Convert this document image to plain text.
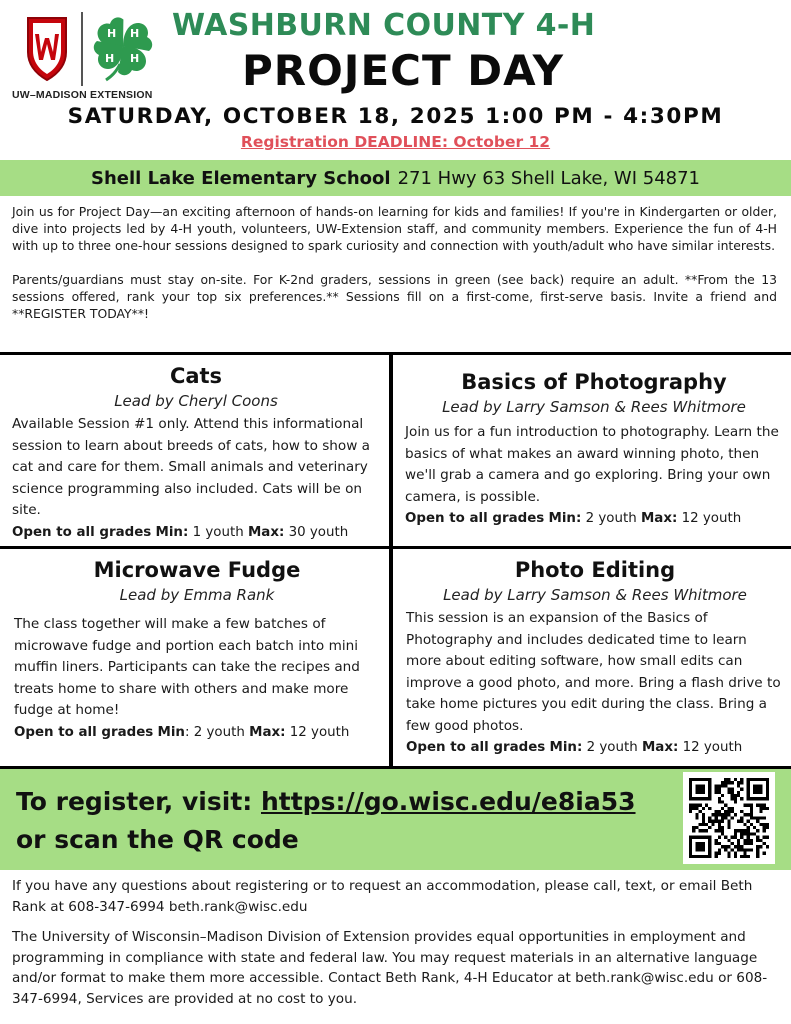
H H
H
H
UW–MADISON EXTENSION
WASHBURN COUNTY 4-H
PROJECT DAY
SATURDAY, OCTOBER 18, 2025 1:00 PM - 4:30PM
Registration DEADLINE: October 12
Shell Lake Elementary School 271 Hwy 63 Shell Lake, WI 54871

Join us for Project Day—an exciting afternoon of hands-on learning for kids and families! If you're in Kindergarten or older, dive into projects led by 4-H youth, volunteers, UW-Extension staff, and community members. Experience the fun of 4-H with up to three one-hour sessions designed to spark curiosity and connection with youth/adult who have similar interests.

Parents/guardians must stay on-site. For K-2nd graders, sessions in green (see back) require an adult. **From the 13 sessions offered, rank your top six preferences.** Sessions fill on a first-come, first-serve basis. Invite a friend and **REGISTER TODAY**!

Cats
Lead by Cheryl Coons
Available Session #1 only. Attend this informational session to learn about breeds of cats, how to show a cat and care for them. Small animals and veterinary science programming also included. Cats will be on site.
Open to all grades Min: 1 youth Max: 30 youth
Basics of Photography
Lead by Larry Samson & Rees Whitmore
Join us for a fun introduction to photography. Learn the basics of what makes an award winning photo, then we'll grab a camera and go exploring. Bring your own camera, is possible.
Open to all grades Min: 2 youth Max: 12 youth
Microwave Fudge
Lead by Emma Rank
The class together will make a few batches of microwave fudge and portion each batch into mini muffin liners. Participants can take the recipes and treats home to share with others and make more fudge at home!
Open to all grades Min: 2 youth Max: 12 youth
Photo Editing
Lead by Larry Samson & Rees Whitmore
This session is an expansion of the Basics of Photography and includes dedicated time to learn more about editing software, how small edits can improve a good photo, and more. Bring a flash drive to take home pictures you edit during the class. Bring a few good photos.
Open to all grades Min: 2 youth Max: 12 youth
To register, visit: https://go.wisc.edu/e8ia53
or scan the QR code

If you have any questions about registering or to request an accommodation, please call, text, or email Beth Rank at 608-347-6994 beth.rank@wisc.edu

The University of Wisconsin–Madison Division of Extension provides equal opportunities in employment and programming in compliance with state and federal law. You may request materials in an alternative language and/or format to make them more accessible. Contact Beth Rank, 4-H Educator at beth.rank@wisc.edu or 608-347-6994, Services are provided at no cost to you.
